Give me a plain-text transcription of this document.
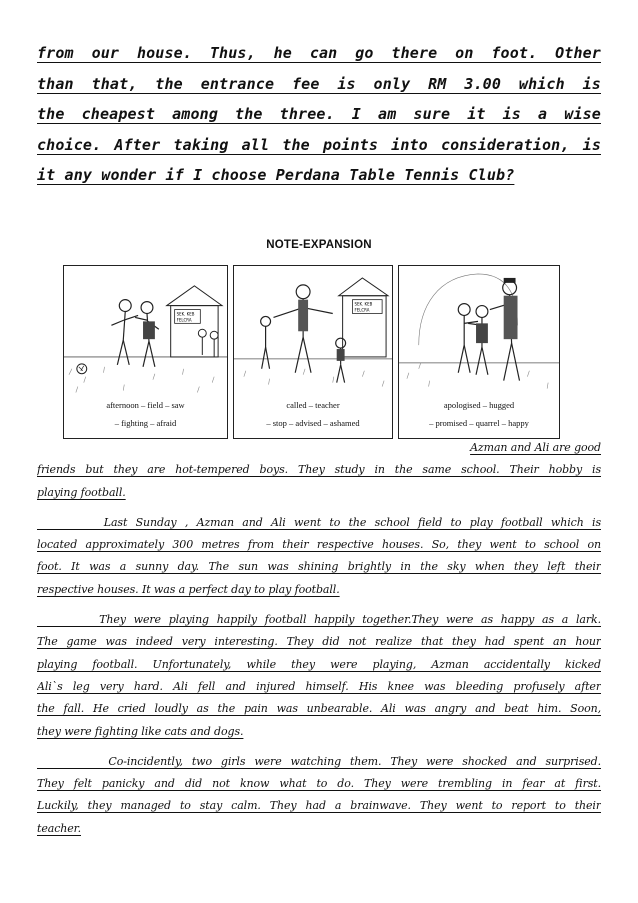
from our house. Thus, he can go there on foot. Other
than that, the entrance fee is only RM 3.00 which is
the cheapest among the three. I am sure it is a wise
choice. After taking all the points into consideration, is
it any wonder if I choose Perdana Table Tennis Club?
NOTE-EXPANSION
SEK. KEB
FELCRA
afternoon – field – saw
– fighting – afraid
SEK. KEB
FELCRA
called – teacher
– stop – advised – ashamed
apologised – hugged
– promised – quarrel – happy
Azman and Ali are good
friends but they are hot-tempered boys. They study in the same school. Their hobby is
playing football.
Last Sunday , Azman and Ali went to the school field to play football which is
located approximately 300 metres from their respective houses. So, they went to school on
foot. It was a sunny day. The sun was shining brightly in the sky when they left their
respective houses. It was a perfect day to play football.
They were playing happily football happily together.They were as happy as a lark.
The game was indeed very interesting. They did not realize that they had spent an hour
playing football. Unfortunately, while they were playing, Azman accidentally kicked
Ali`s leg very hard. Ali fell and injured himself. His knee was bleeding profusely after
the fall. He cried loudly as the pain was unbearable. Ali was angry and beat him. Soon,
they were fighting like cats and dogs.
Co-incidently, two girls were watching them. They were shocked and surprised.
They felt panicky and did not know what to do. They were trembling in fear at first.
Luckily, they managed to stay calm. They had a brainwave. They went to report to their
teacher.
